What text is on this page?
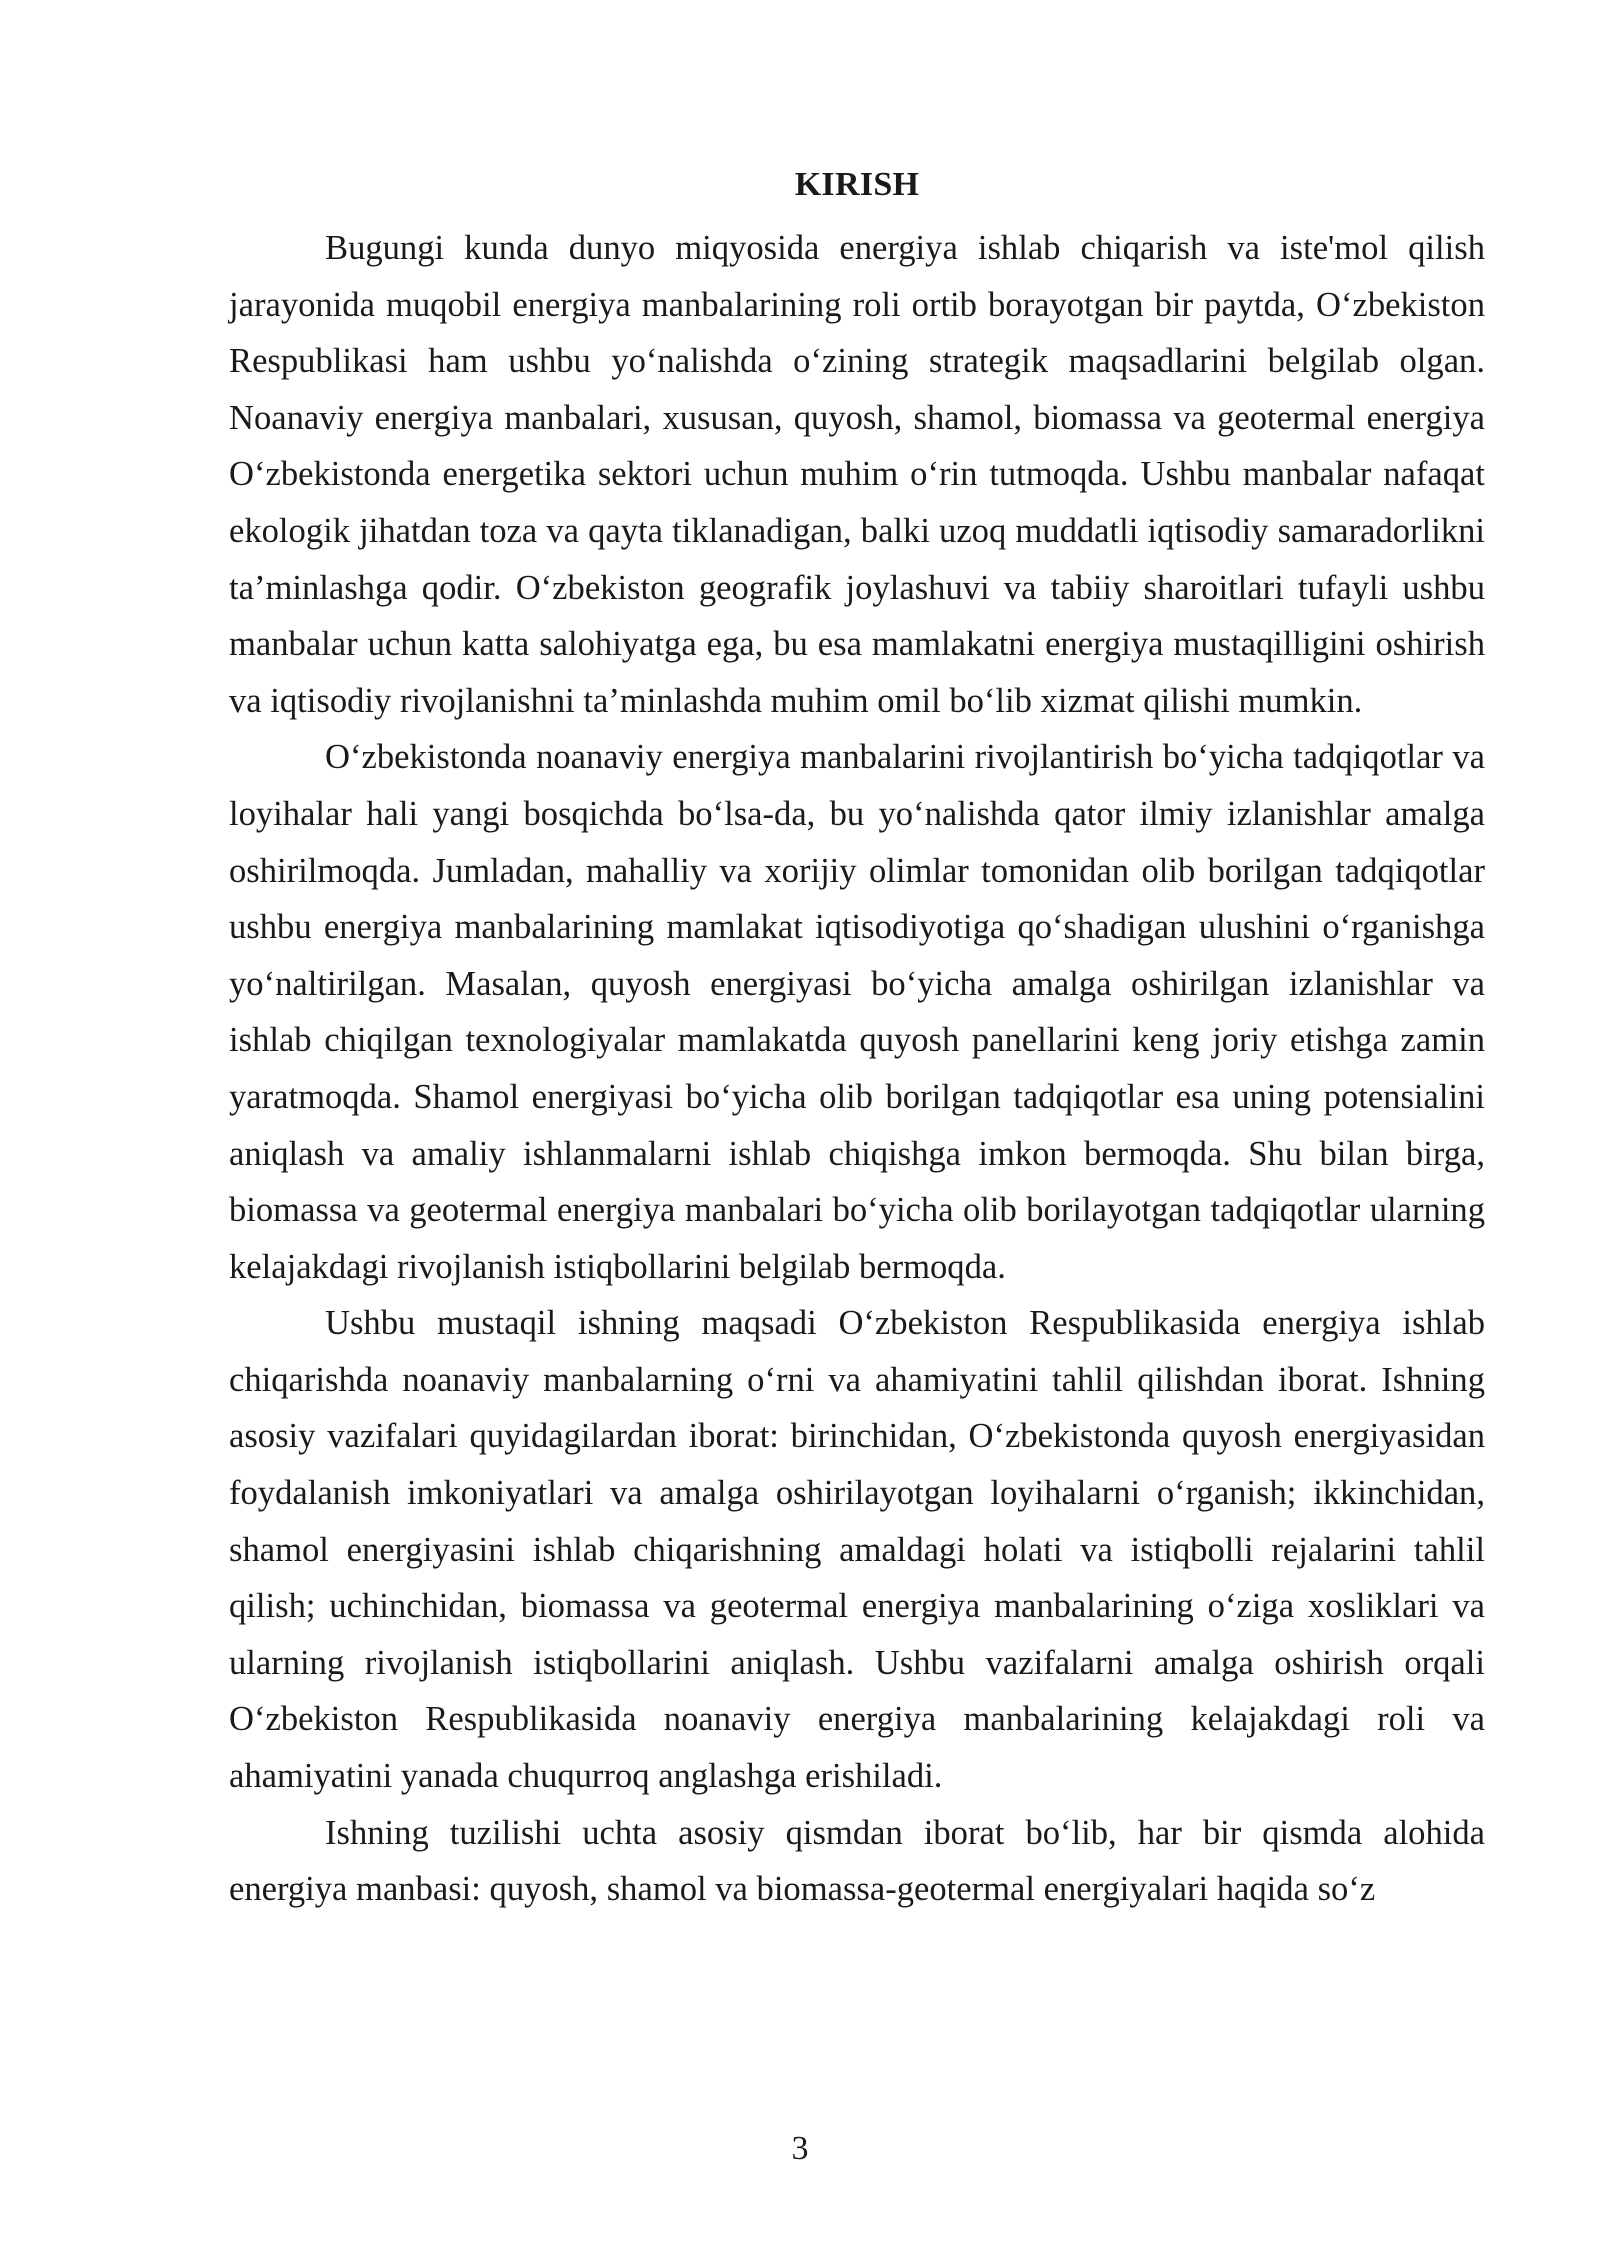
KIRISH

Bugungi kunda dunyo miqyosida energiya ishlab chiqarish va iste'mol qilish jarayonida muqobil energiya manbalarining roli ortib borayotgan bir paytda, O‘zbekiston Respublikasi ham ushbu yo‘nalishda o‘zining strategik maqsadlarini belgilab olgan. Noanaviy energiya manbalari, xususan, quyosh, shamol, biomassa va geotermal energiya O‘zbekistonda energetika sektori uchun muhim o‘rin tutmoqda. Ushbu manbalar nafaqat ekologik jihatdan toza va qayta tiklanadigan, balki uzoq muddatli iqtisodiy samaradorlikni ta’minlashga qodir. O‘zbekiston geografik joylashuvi va tabiiy sharoitlari tufayli ushbu manbalar uchun katta salohiyatga ega, bu esa mamlakatni energiya mustaqilligini oshirish va iqtisodiy rivojlanishni ta’minlashda muhim omil bo‘lib xizmat qilishi mumkin.

O‘zbekistonda noanaviy energiya manbalarini rivojlantirish bo‘yicha tadqiqotlar va loyihalar hali yangi bosqichda bo‘lsa-da, bu yo‘nalishda qator ilmiy izlanishlar amalga oshirilmoqda. Jumladan, mahalliy va xorijiy olimlar tomonidan olib borilgan tadqiqotlar ushbu energiya manbalarining mamlakat iqtisodiyotiga qo‘shadigan ulushini o‘rganishga yo‘naltirilgan. Masalan, quyosh energiyasi bo‘yicha amalga oshirilgan izlanishlar va ishlab chiqilgan texnologiyalar mamlakatda quyosh panellarini keng joriy etishga zamin yaratmoqda. Shamol energiyasi bo‘yicha olib borilgan tadqiqotlar esa uning potensialini aniqlash va amaliy ishlanmalarni ishlab chiqishga imkon bermoqda. Shu bilan birga, biomassa va geotermal energiya manbalari bo‘yicha olib borilayotgan tadqiqotlar ularning kelajakdagi rivojlanish istiqbollarini belgilab bermoqda.

Ushbu mustaqil ishning maqsadi O‘zbekiston Respublikasida energiya ishlab chiqarishda noanaviy manbalarning o‘rni va ahamiyatini tahlil qilishdan iborat. Ishning asosiy vazifalari quyidagilardan iborat: birinchidan, O‘zbekistonda quyosh energiyasidan foydalanish imkoniyatlari va amalga oshirilayotgan loyihalarni o‘rganish; ikkinchidan, shamol energiyasini ishlab chiqarishning amaldagi holati va istiqbolli rejalarini tahlil qilish; uchinchidan, biomassa va geotermal energiya manbalarining o‘ziga xosliklari va ularning rivojlanish istiqbollarini aniqlash. Ushbu vazifalarni amalga oshirish orqali O‘zbekiston Respublikasida noanaviy energiya manbalarining kelajakdagi roli va ahamiyatini yanada chuqurroq anglashga erishiladi.

Ishning tuzilishi uchta asosiy qismdan iborat bo‘lib, har bir qismda alohida energiya manbasi: quyosh, shamol va biomassa-geotermal energiyalari haqida so‘z

3
